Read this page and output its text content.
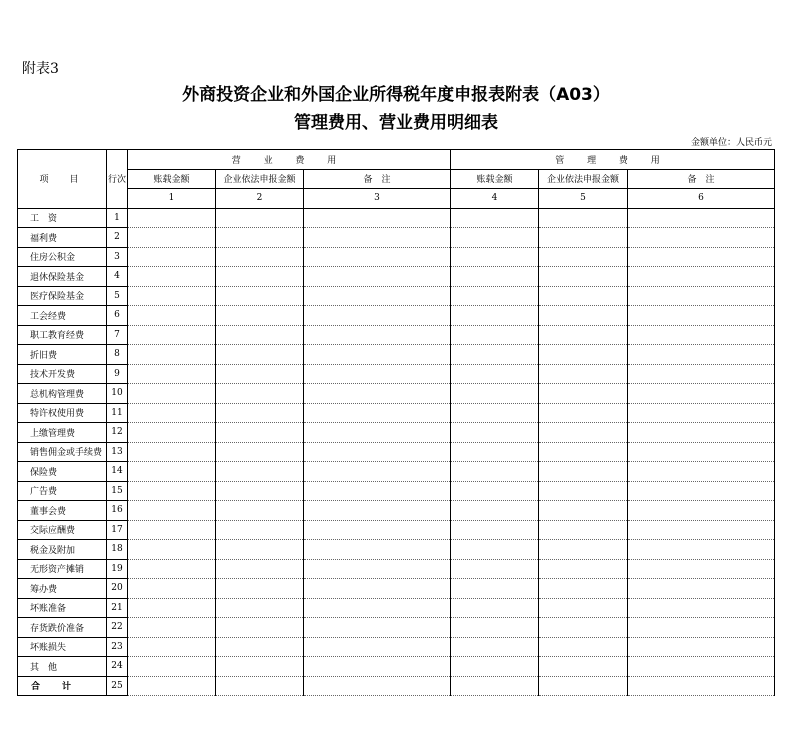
附表3
外商投资企业和外国企业所得税年度申报表附表（A03）
管理费用、营业费用明细表
金额单位：人民币元
项　目	行次	营 业 费 用			管 理 费 用		
		账载金额	企业依法申报金额	备　注	账载金额	企业依法申报金额	备　注
		1	2	3	4	5	6
工　资	1						
福利费	2						
住房公积金	3						
退休保险基金	4						
医疗保险基金	5						
工会经费	6						
职工教育经费	7						
折旧费	8						
技术开发费	9						
总机构管理费	10						
特许权使用费	11						
上缴管理费	12						
销售佣金或手续费	13						
保险费	14						
广告费	15						
董事会费	16						
交际应酬费	17						
税金及附加	18						
无形资产摊销	19						
筹办费	20						
坏账准备	21						
存货跌价准备	22						
坏账损失	23						
其　他	24						
合计	25						
